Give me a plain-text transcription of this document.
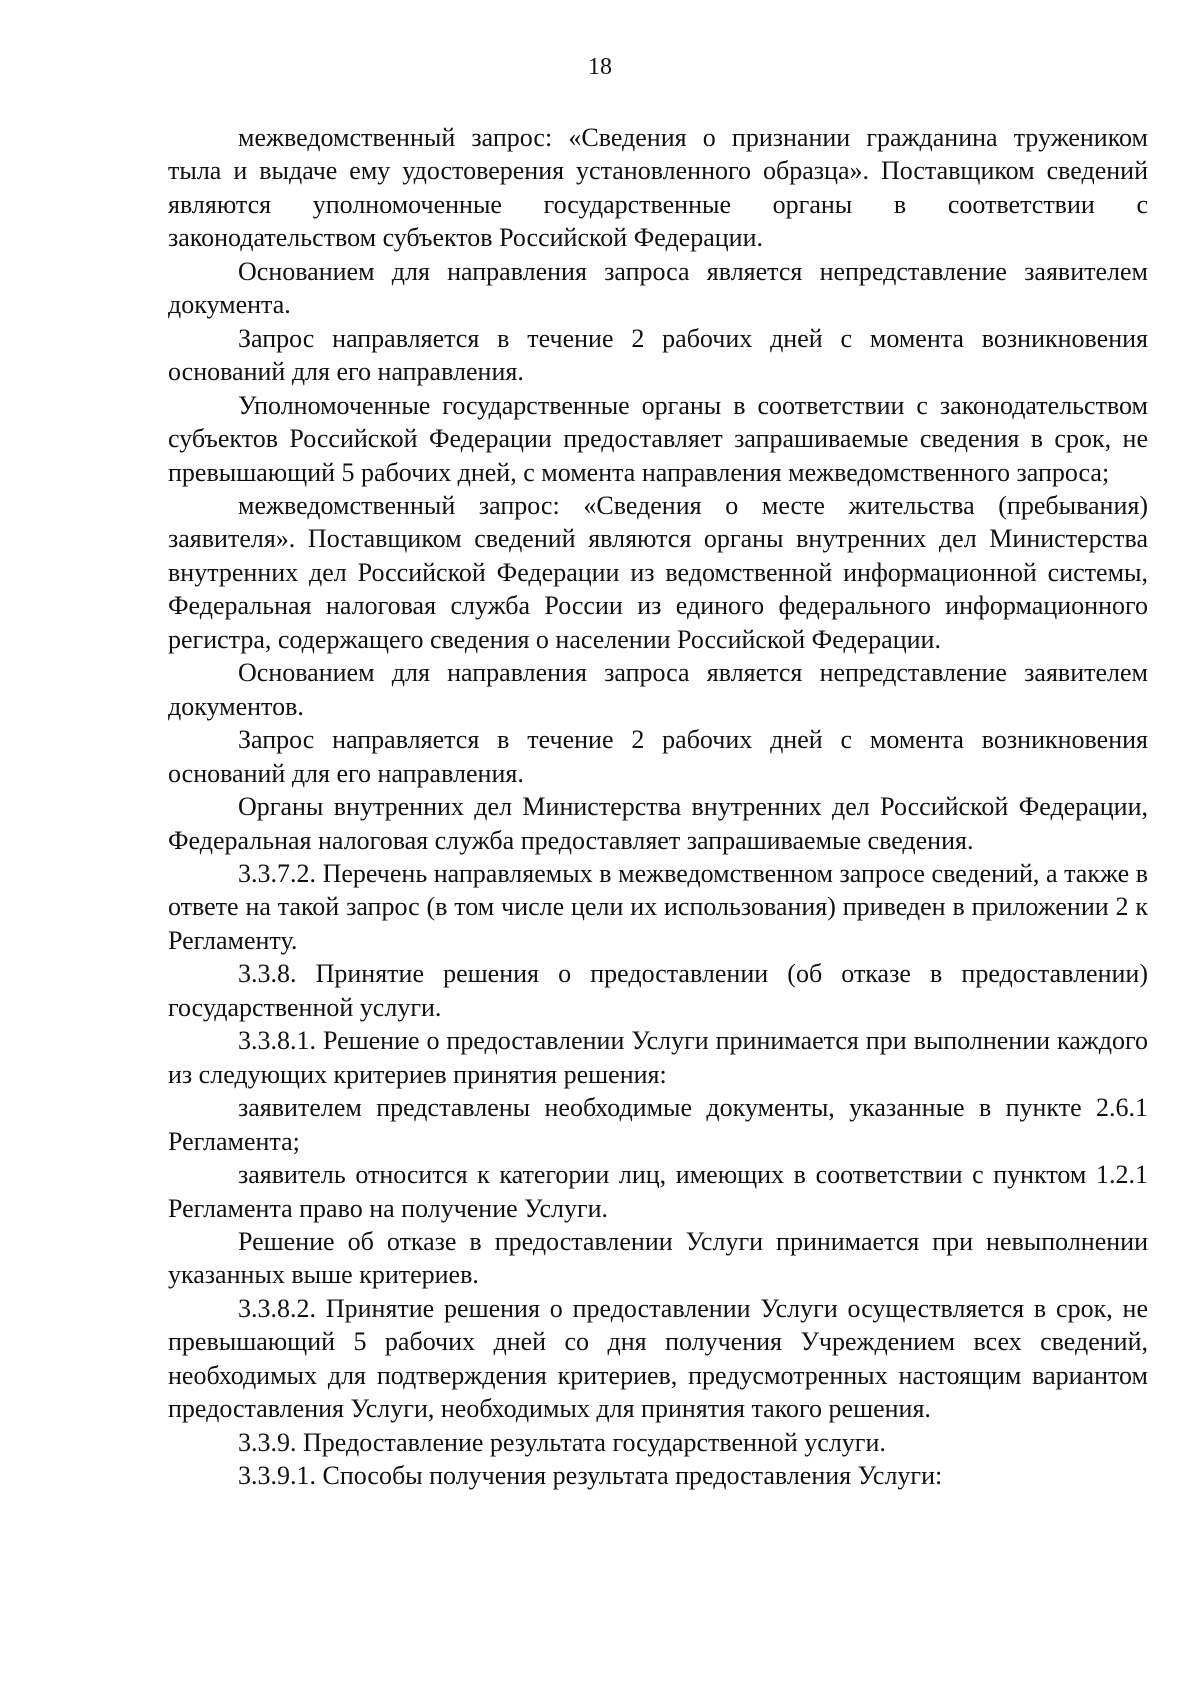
18

межведомственный запрос: «Сведения о признании гражданина тружеником тыла и выдаче ему удостоверения установленного образца». Поставщиком сведений являются уполномоченные государственные органы в соответствии с законодательством субъектов Российской Федерации.

Основанием для направления запроса является непредставление заявителем документа.

Запрос направляется в течение 2 рабочих дней с момента возникновения оснований для его направления.

Уполномоченные государственные органы в соответствии с законодательством субъектов Российской Федерации предоставляет запрашиваемые сведения в срок, не превышающий 5 рабочих дней, с момента направления межведомственного запроса;

межведомственный запрос: «Сведения о месте жительства (пребывания) заявителя». Поставщиком сведений являются органы внутренних дел Министерства внутренних дел Российской Федерации из ведомственной информационной системы, Федеральная налоговая служба России из единого федерального информационного регистра, содержащего сведения о населении Российской Федерации.

Основанием для направления запроса является непредставление заявителем документов.

Запрос направляется в течение 2 рабочих дней с момента возникновения оснований для его направления.

Органы внутренних дел Министерства внутренних дел Российской Федерации, Федеральная налоговая служба предоставляет запрашиваемые сведения.

3.3.7.2. Перечень направляемых в межведомственном запросе сведений, а также в ответе на такой запрос (в том числе цели их использования) приведен в приложении 2 к Регламенту.

3.3.8. Принятие решения о предоставлении (об отказе в предоставлении) государственной услуги.

3.3.8.1. Решение о предоставлении Услуги принимается при выполнении каждого из следующих критериев принятия решения:

заявителем представлены необходимые документы, указанные в пункте 2.6.1 Регламента;

заявитель относится к категории лиц, имеющих в соответствии с пунктом 1.2.1 Регламента право на получение Услуги.

Решение об отказе в предоставлении Услуги принимается при невыполнении указанных выше критериев.

3.3.8.2. Принятие решения о предоставлении Услуги осуществляется в срок, не превышающий 5 рабочих дней со дня получения Учреждением всех сведений, необходимых для подтверждения критериев, предусмотренных настоящим вариантом предоставления Услуги, необходимых для принятия такого решения.

3.3.9. Предоставление результата государственной услуги.

3.3.9.1. Способы получения результата предоставления Услуги:
